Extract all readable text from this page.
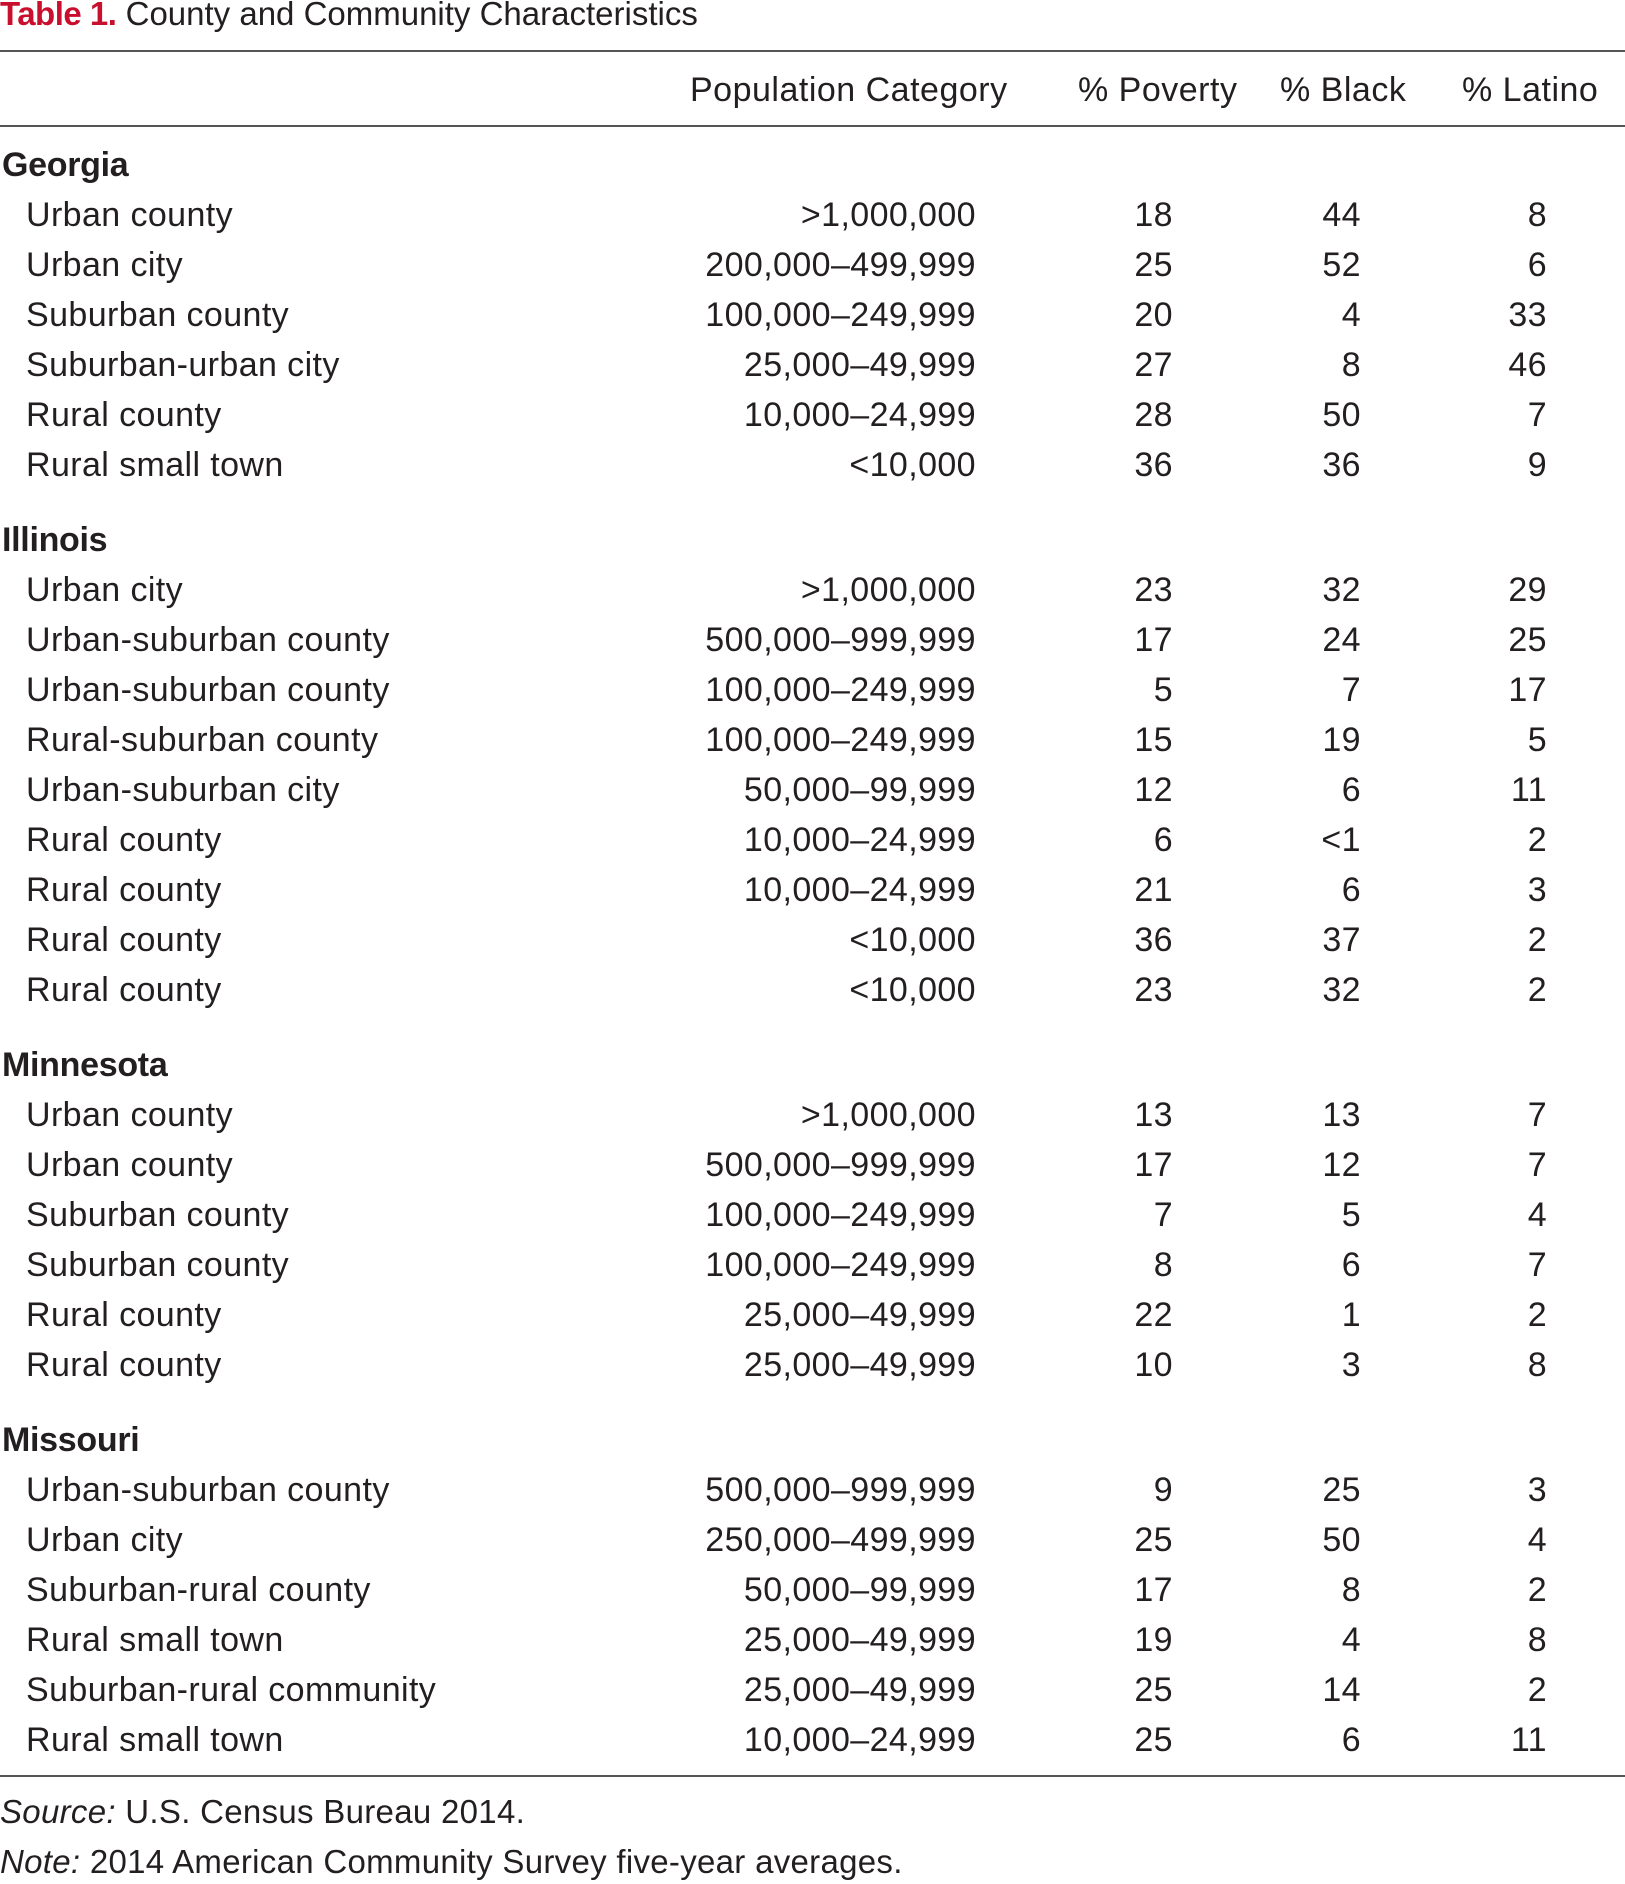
Table 1. County and Community Characteristics
Population Category % Poverty % Black % Latino
Georgia
Urban county	>1,000,000	18	44	8
Urban city	200,000–499,999	25	52	6
Suburban county	100,000–249,999	20	4	33
Suburban-urban city	25,000–49,999	27	8	46
Rural county	10,000–24,999	28	50	7
Rural small town	<10,000	36	36	9
Illinois
Urban city	>1,000,000	23	32	29
Urban-suburban county	500,000–999,999	17	24	25
Urban-suburban county	100,000–249,999	5	7	17
Rural-suburban county	100,000–249,999	15	19	5
Urban-suburban city	50,000–99,999	12	6	11
Rural county	10,000–24,999	6	<1	2
Rural county	10,000–24,999	21	6	3
Rural county	<10,000	36	37	2
Rural county	<10,000	23	32	2
Minnesota
Urban county	>1,000,000	13	13	7
Urban county	500,000–999,999	17	12	7
Suburban county	100,000–249,999	7	5	4
Suburban county	100,000–249,999	8	6	7
Rural county	25,000–49,999	22	1	2
Rural county	25,000–49,999	10	3	8
Missouri
Urban-suburban county	500,000–999,999	9	25	3
Urban city	250,000–499,999	25	50	4
Suburban-rural county	50,000–99,999	17	8	2
Rural small town	25,000–49,999	19	4	8
Suburban-rural community	25,000–49,999	25	14	2
Rural small town	10,000–24,999	25	6	11
Source: U.S. Census Bureau 2014.
Note: 2014 American Community Survey five-year averages.
